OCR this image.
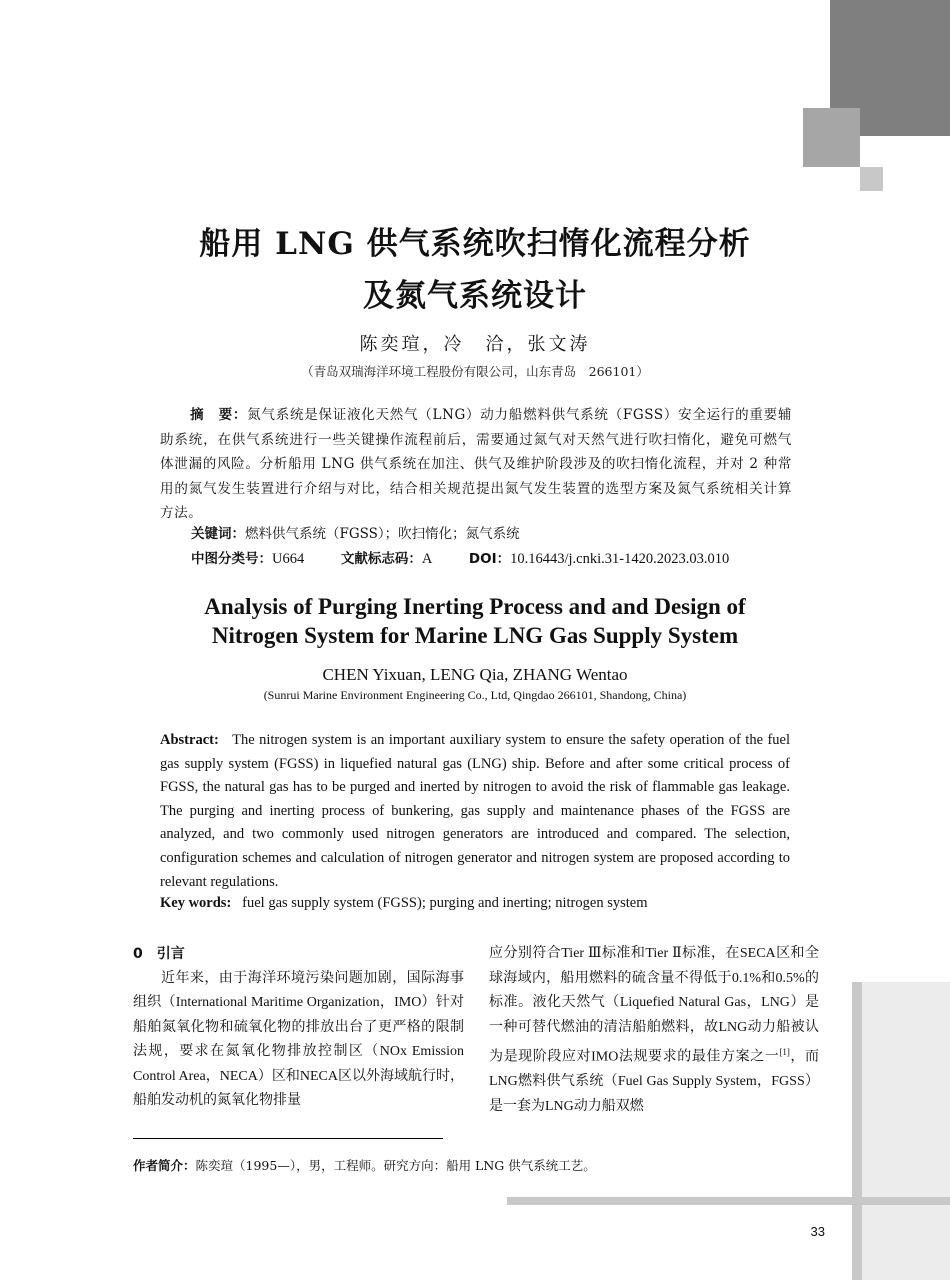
船用 LNG 供气系统吹扫惰化流程分析
及氮气系统设计
陈奕瑄，冷　洽，张文涛
（青岛双瑞海洋环境工程股份有限公司，山东青岛　266101）
摘　要：氮气系统是保证液化天然气（LNG）动力船燃料供气系统（FGSS）安全运行的重要辅助系统，在供气系统进行一些关键操作流程前后，需要通过氮气对天然气进行吹扫惰化，避免可燃气体泄漏的风险。分析船用 LNG 供气系统在加注、供气及维护阶段涉及的吹扫惰化流程，并对 2 种常用的氮气发生装置进行介绍与对比，结合相关规范提出氮气发生装置的选型方案及氮气系统相关计算方法。
关键词：燃料供气系统（FGSS）；吹扫惰化；氮气系统
中图分类号：U664	文献标志码：A	DOI：10.16443/j.cnki.31-1420.2023.03.010
Analysis of Purging Inerting Process and and Design of
Nitrogen System for Marine LNG Gas Supply System
CHEN Yixuan, LENG Qia, ZHANG Wentao
(Sunrui Marine Environment Engineering Co., Ltd, Qingdao 266101, Shandong, China)
Abstract: The nitrogen system is an important auxiliary system to ensure the safety operation of the fuel gas supply system (FGSS) in liquefied natural gas (LNG) ship. Before and after some critical process of FGSS, the natural gas has to be purged and inerted by nitrogen to avoid the risk of flammable gas leakage. The purging and inerting process of bunkering, gas supply and maintenance phases of the FGSS are analyzed, and two commonly used nitrogen generators are introduced and compared. The selection, configuration schemes and calculation of nitrogen generator and nitrogen system are proposed according to relevant regulations.
Key words: fuel gas supply system (FGSS); purging and inerting; nitrogen system
0　引言
近年来，由于海洋环境污染问题加剧，国际海事组织（International Maritime Organization，IMO）针对船舶氮氧化物和硫氧化物的排放出台了更严格的限制法规，要求在氮氧化物排放控制区（NOx Emission Control Area，NECA）区和NECA区以外海域航行时，船舶发动机的氮氧化物排量
应分别符合Tier Ⅲ标准和Tier Ⅱ标准，在SECA区和全球海域内，船用燃料的硫含量不得低于0.1%和0.5%的标准。液化天然气（Liquefied Natural Gas，LNG）是一种可替代燃油的清洁船舶燃料，故LNG动力船被认为是现阶段应对IMO法规要求的最佳方案之一[1]，而LNG燃料供气系统（Fuel Gas Supply System，FGSS）是一套为LNG动力船双燃
作者简介：陈奕瑄（1995—），男，工程师。研究方向：船用 LNG 供气系统工艺。
33
